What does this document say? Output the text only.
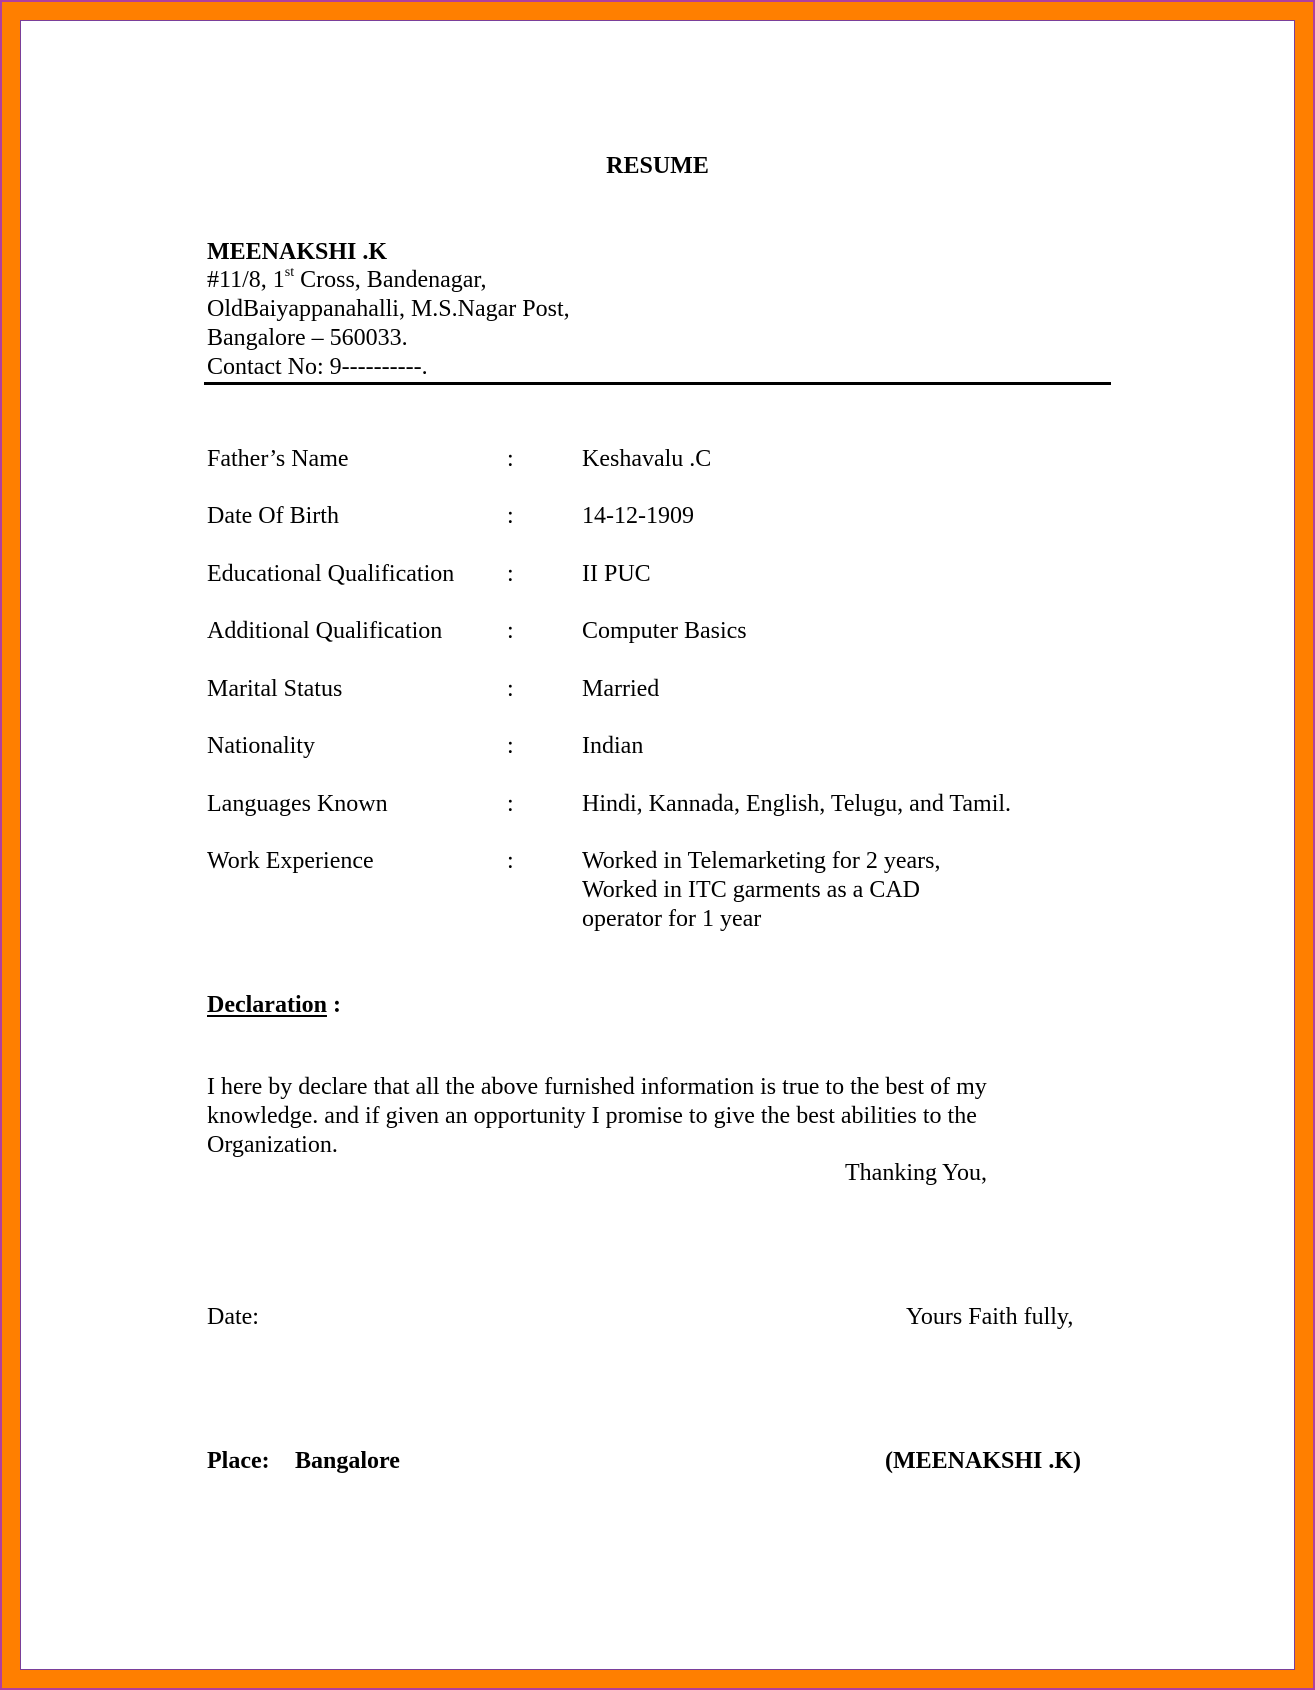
RESUME
MEENAKSHI .K
#11/8, 1st Cross, Bandenagar,
OldBaiyappanahalli, M.S.Nagar Post,
Bangalore – 560033.
Contact No: 9----------.
Father’s Name	:	Keshavalu .C
Date Of Birth	:	14-12-1909
Educational Qualification :	II PUC
Additional Qualification	:	Computer Basics
Marital Status	:	Married
Nationality	:	Indian
Languages Known	:	Hindi, Kannada, English, Telugu, and Tamil.
Work Experience	:	Worked in Telemarketing for 2 years,
Worked in ITC garments as a CAD
operator for 1 year
Declaration :
I here by declare that all the above furnished information is true to the best of my
knowledge. and if given an opportunity I promise to give the best abilities to the
Organization.
Thanking You,
Date:	Yours Faith fully,
Place: Bangalore	(MEENAKSHI .K)
